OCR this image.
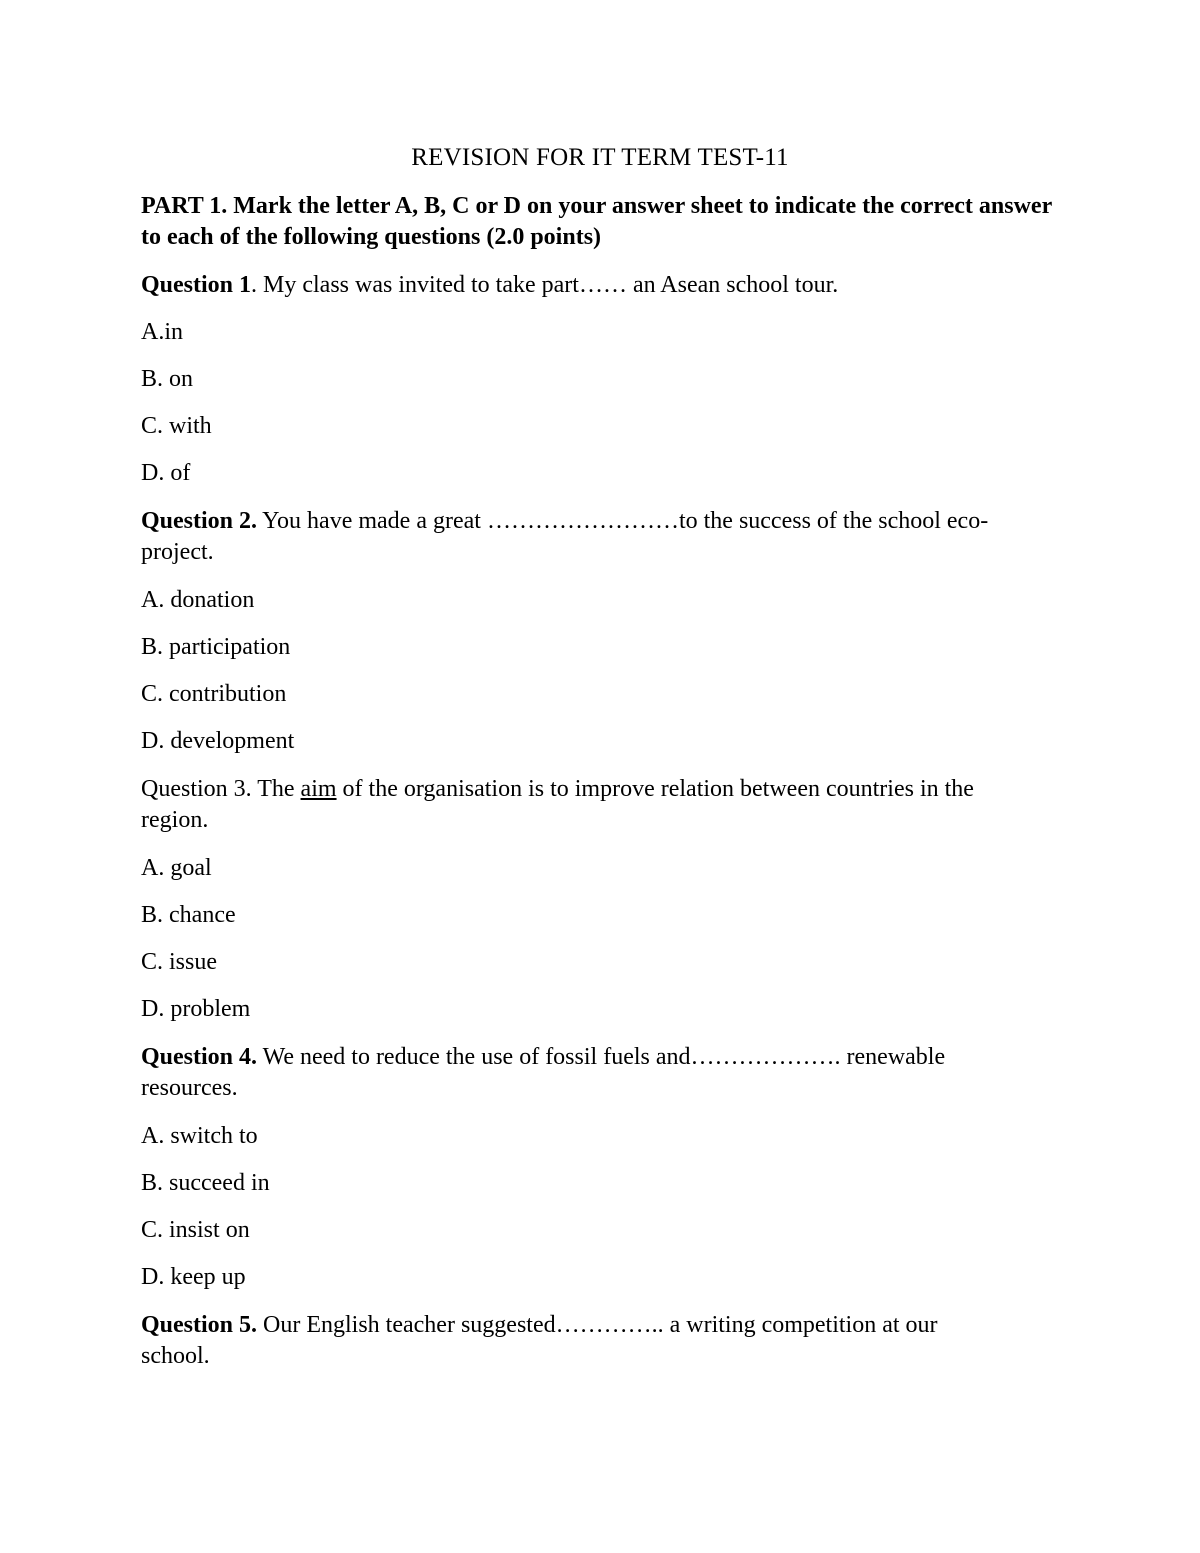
REVISION FOR IT TERM TEST-11
PART 1. Mark the letter A, B, C or D on your answer sheet to indicate the correct answer to each of the following questions (2.0 points)
Question 1. My class was invited to take part…… an Asean school tour.
A.in
B. on
C. with
D. of
Question 2. You have made a great ……………………to the success of the school eco-
project.
A. donation
B. participation
C. contribution
D. development
Question 3. The aim of the organisation is to improve relation between countries in the
region.
A. goal
B. chance
C. issue
D. problem
Question 4. We need to reduce the use of fossil fuels and………………. renewable
resources.
A. switch to
B. succeed in
C. insist on
D. keep up
Question 5. Our English teacher suggested………….. a writing competition at our
school.
